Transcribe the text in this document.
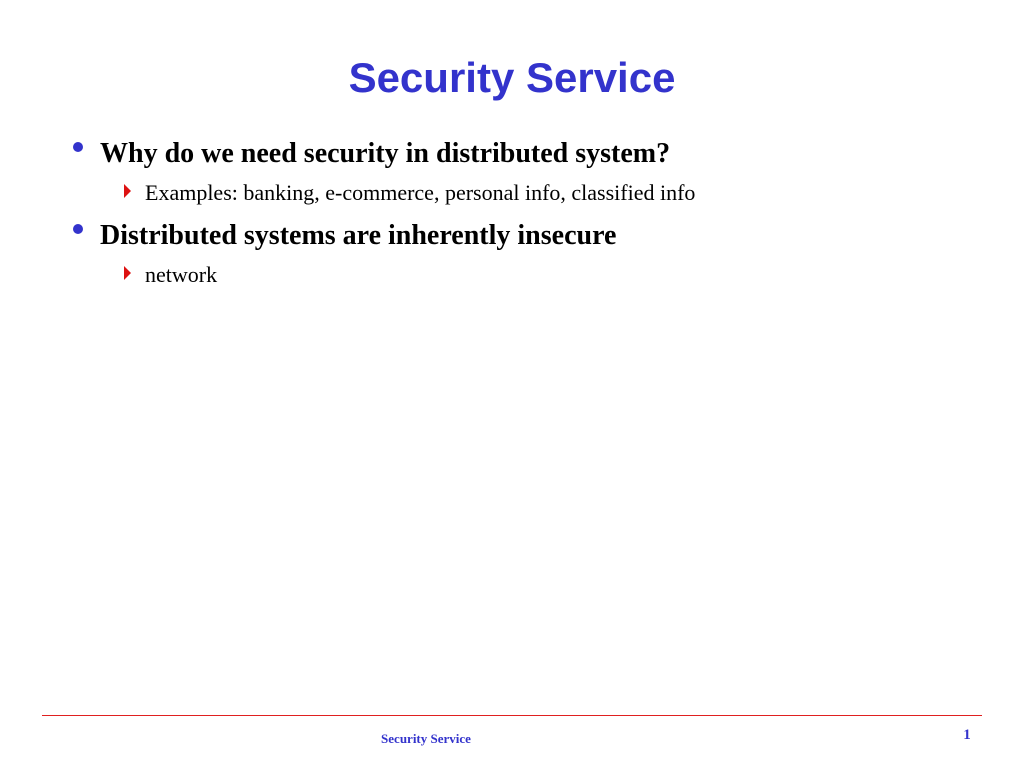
Security Service
Why do we need security in distributed system?
Examples: banking, e-commerce, personal info, classified info
Distributed systems are inherently insecure
network
Security Service	1
